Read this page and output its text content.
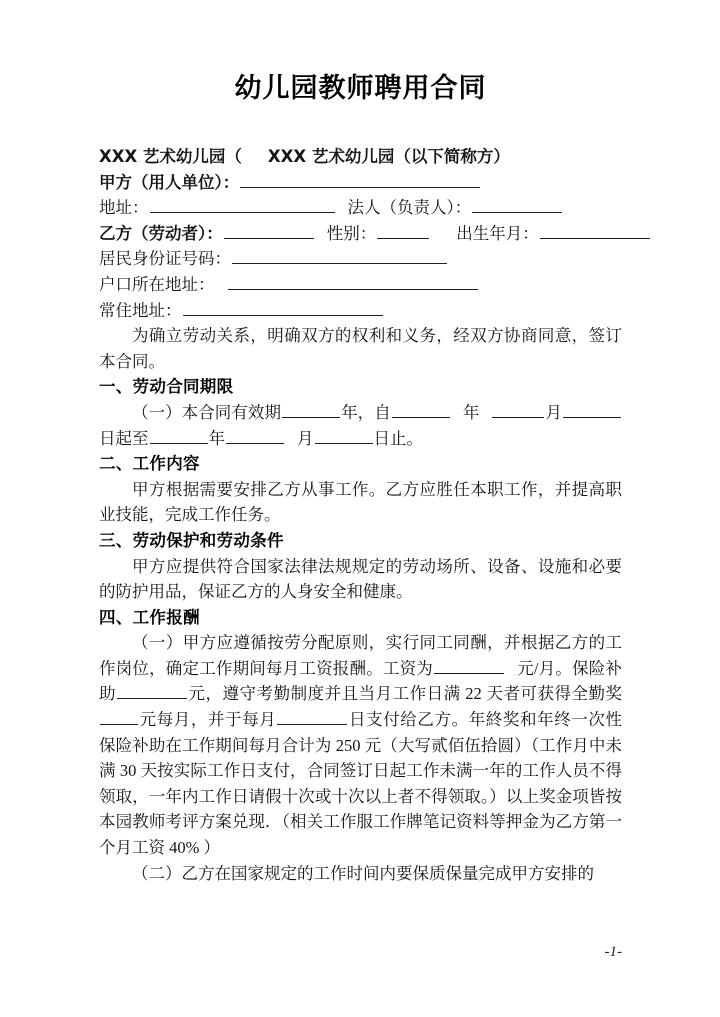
幼儿园教师聘用合同

XXX 艺术幼儿园（ XXX 艺术幼儿园（以下简称方）

甲方（用人单位）：

地址：	法人（负责人）：

乙方（劳动者）：	性别：	出生年月：

居民身份证号码：

户口所在地址：

常住地址：

为确立劳动关系，明确双方的权利和义务，经双方协商同意，签订本合同。

一、劳动合同期限

（一）本合同有效期	年，自	年	月日起至	年	月	日止。

二、工作内容

甲方根据需要安排乙方从事工作。乙方应胜任本职工作，并提高职业技能，完成工作任务。

三、劳动保护和劳动条件

甲方应提供符合国家法律法规规定的劳动场所、设备、设施和必要的防护用品，保证乙方的人身安全和健康。

四、工作报酬

（一）甲方应遵循按劳分配原则，实行同工同酬，并根据乙方的工作岗位，确定工作期间每月工资报酬。工资为	元/月。保险补助	元，遵守考勤制度并且当月工作日满 22 天者可获得全勤奖元每月，并于每月	日支付给乙方。年終奖和年终一次性保险补助在工作期间每月合计为 250 元（大写贰佰伍拾圆）（工作月中未满 30 天按实际工作日支付，合同签订日起工作未满一年的工作人员不得领取，一年内工作日请假十次或十次以上者不得领取。）以上奖金项皆按本园教师考评方案兑现．（相关工作服工作牌笔记资料等押金为乙方第一个月工资 40% ）

（二）乙方在国家规定的工作时间内要保质保量完成甲方安排的

-1-
